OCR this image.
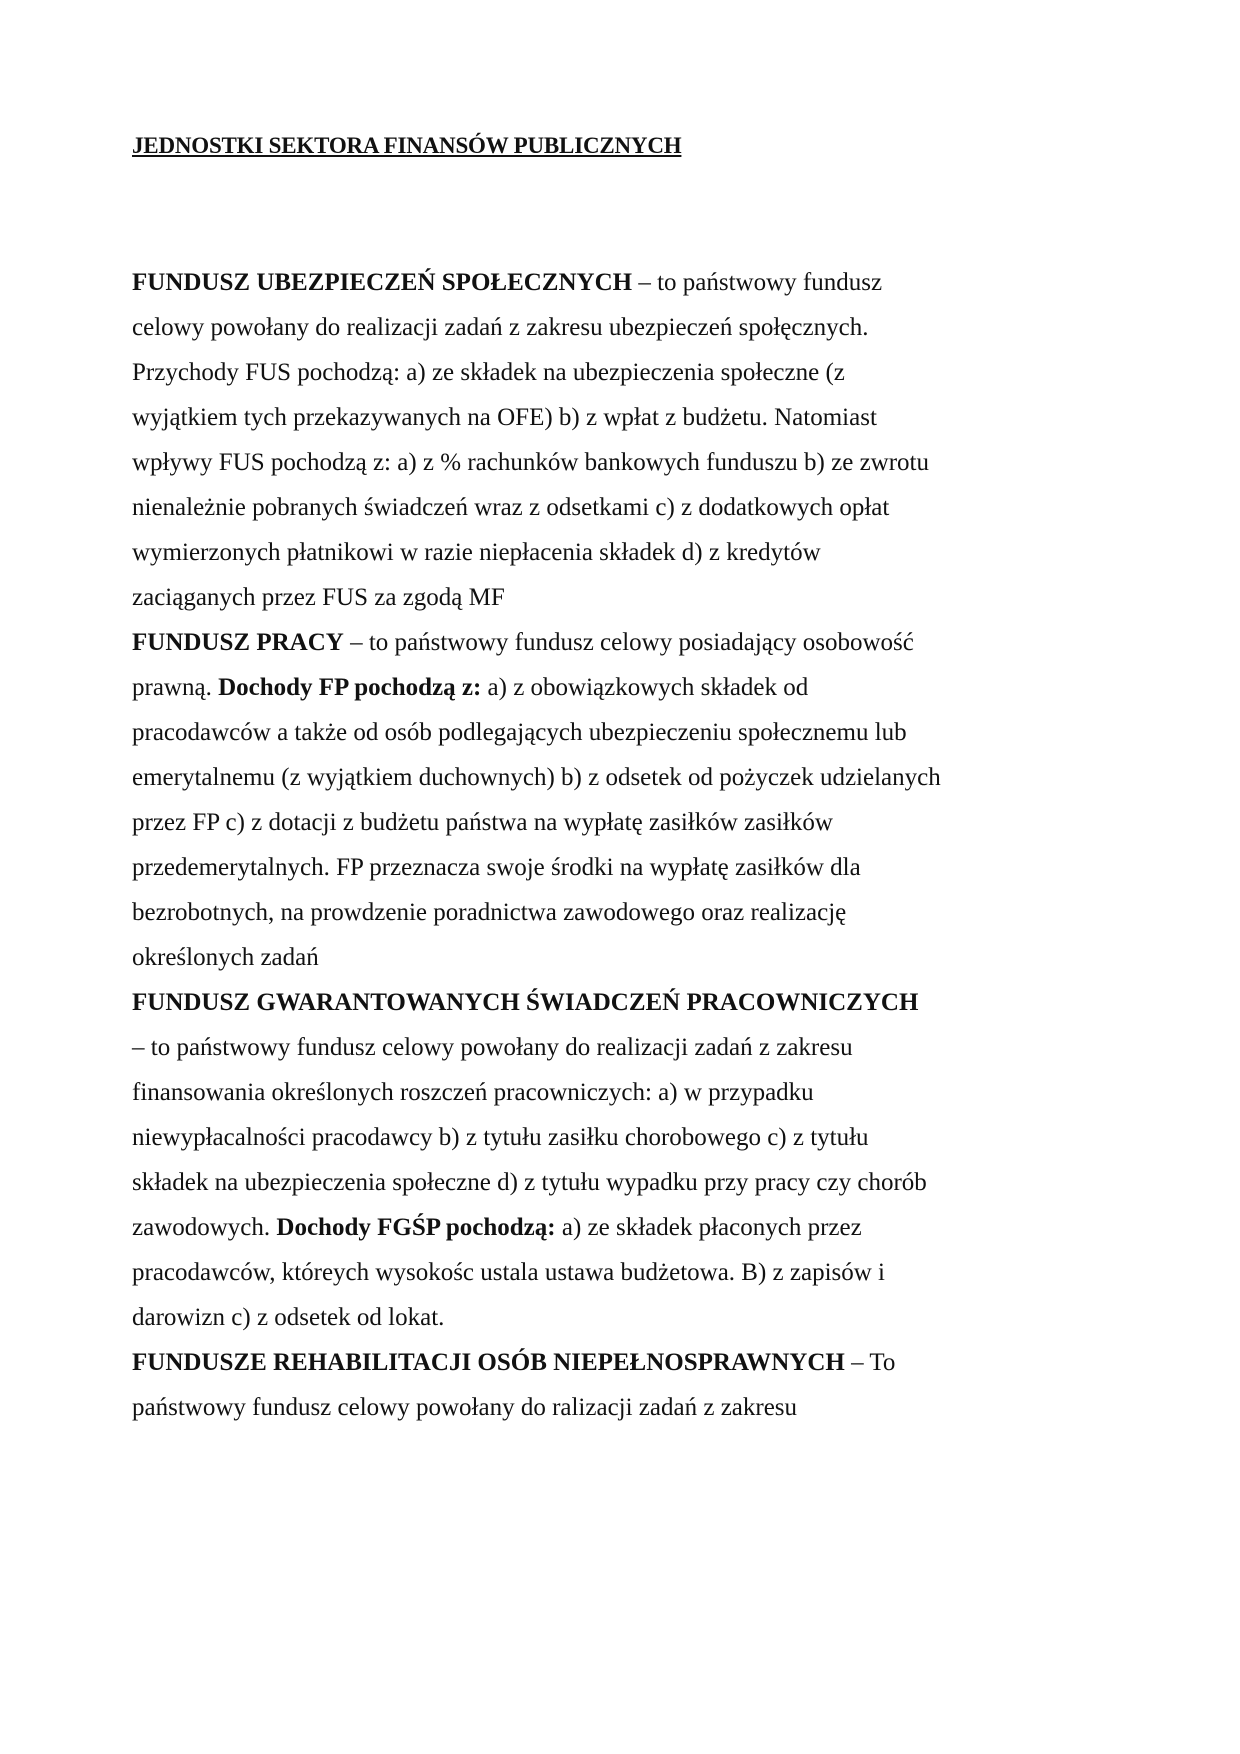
JEDNOSTKI SEKTORA FINANSÓW PUBLICZNYCH
FUNDUSZ UBEZPIECZEŃ SPOŁECZNYCH – to państwowy fundusz
celowy powołany do realizacji zadań z zakresu ubezpieczeń społęcznych.
Przychody FUS pochodzą: a) ze składek na ubezpieczenia społeczne (z
wyjątkiem tych przekazywanych na OFE) b) z wpłat z budżetu. Natomiast
wpływy FUS pochodzą z: a) z % rachunków bankowych funduszu b) ze zwrotu
nienależnie pobranych świadczeń wraz z odsetkami c) z dodatkowych opłat
wymierzonych płatnikowi w razie niepłacenia składek d) z kredytów
zaciąganych przez FUS za zgodą MF
FUNDUSZ PRACY – to państwowy fundusz celowy posiadający osobowość
prawną. Dochody FP pochodzą z: a) z obowiązkowych składek od
pracodawców a także od osób podlegających ubezpieczeniu społecznemu lub
emerytalnemu (z wyjątkiem duchownych) b) z odsetek od pożyczek udzielanych
przez FP c) z dotacji z budżetu państwa na wypłatę zasiłków zasiłków
przedemerytalnych. FP przeznacza swoje środki na wypłatę zasiłków dla
bezrobotnych, na prowdzenie poradnictwa zawodowego oraz realizację
określonych zadań
FUNDUSZ GWARANTOWANYCH ŚWIADCZEŃ PRACOWNICZYCH
– to państwowy fundusz celowy powołany do realizacji zadań z zakresu
finansowania określonych roszczeń pracowniczych: a) w przypadku
niewypłacalności pracodawcy b) z tytułu zasiłku chorobowego c) z tytułu
składek na ubezpieczenia społeczne d) z tytułu wypadku przy pracy czy chorób
zawodowych. Dochody FGŚP pochodzą: a) ze składek płaconych przez
pracodawców, któreych wysokośc ustala ustawa budżetowa. B) z zapisów i
darowizn c) z odsetek od lokat.
FUNDUSZE REHABILITACJI OSÓB NIEPEŁNOSPRAWNYCH – To
państwowy fundusz celowy powołany do ralizacji zadań z zakresu
